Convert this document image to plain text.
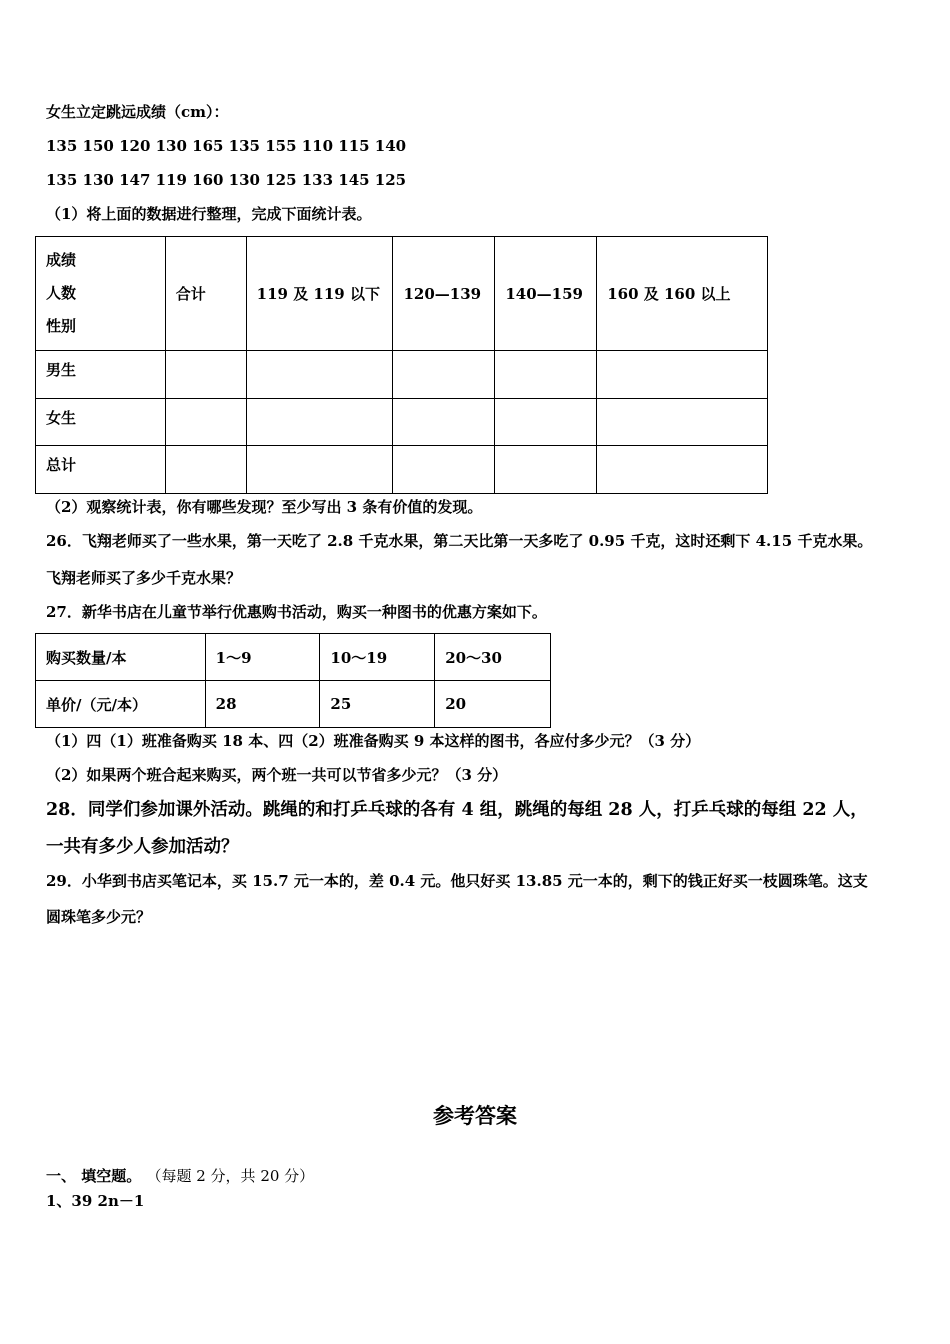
女生立定跳远成绩（cm）：
135 150 120 130 165 135 155 110 115 140
135 130 147 119 160 130 125 133 145 125
（1）将上面的数据进行整理，完成下面统计表。
成绩
人数
性别	合计	119 及 119 以下	120—139	140—159	160 及 160 以上
男生					
女生					
总计					
（2）观察统计表，你有哪些发现？至少写出 3 条有价值的发现。
26．飞翔老师买了一些水果，第一天吃了 2.8 千克水果，第二天比第一天多吃了 0.95 千克，这时还剩下 4.15 千克水果。
飞翔老师买了多少千克水果？
27．新华书店在儿童节举行优惠购书活动，购买一种图书的优惠方案如下。
购买数量/本	1～9	10～19	20～30
单价/（元/本）	28	25	20
（1）四（1）班准备购买 18 本、四（2）班准备购买 9 本这样的图书，各应付多少元？（3 分）
（2）如果两个班合起来购买，两个班一共可以节省多少元？（3 分）
28．同学们参加课外活动。跳绳的和打乒乓球的各有 4 组，跳绳的每组 28 人，打乒乓球的每组 22 人，
一共有多少人参加活动？
29．小华到书店买笔记本，买 15.7 元一本的，差 0.4 元。他只好买 13.85 元一本的，剩下的钱正好买一枝圆珠笔。这支
圆珠笔多少元？
参考答案
一、 填空题。 （每题 2 分，共 20 分）
1、39 2n－1
